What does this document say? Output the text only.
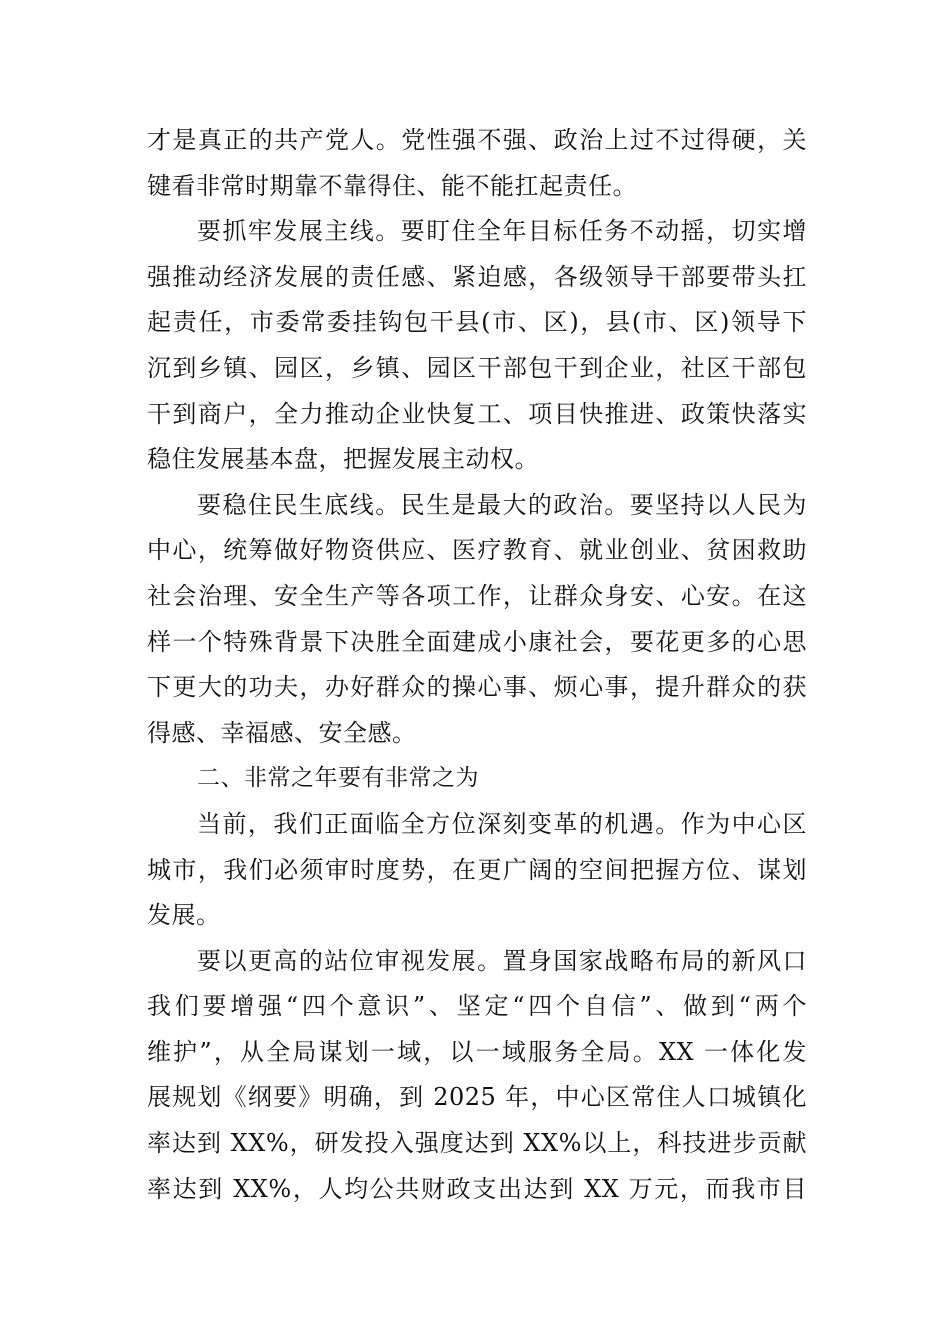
才是真正的共产党人。党性强不强、政治上过不过得硬，关
键看非常时期靠不靠得住、能不能扛起责任。
要抓牢发展主线。要盯住全年目标任务不动摇，切实增
强推动经济发展的责任感、紧迫感，各级领导干部要带头扛
起责任，市委常委挂钩包干县(市、区)，县(市、区)领导下
沉到乡镇、园区，乡镇、园区干部包干到企业，社区干部包
干到商户，全力推动企业快复工、项目快推进、政策快落实
稳住发展基本盘，把握发展主动权。
要稳住民生底线。民生是最大的政治。要坚持以人民为
中心，统筹做好物资供应、医疗教育、就业创业、贫困救助
社会治理、安全生产等各项工作，让群众身安、心安。在这
样一个特殊背景下决胜全面建成小康社会，要花更多的心思
下更大的功夫，办好群众的操心事、烦心事，提升群众的获
得感、幸福感、安全感。
二、非常之年要有非常之为
当前，我们正面临全方位深刻变革的机遇。作为中心区
城市，我们必须审时度势，在更广阔的空间把握方位、谋划
发展。
要以更高的站位审视发展。置身国家战略布局的新风口
我们要增强“四个意识”、坚定“四个自信”、做到“两个
维护”，从全局谋划一域，以一域服务全局。XX 一体化发
展规划《纲要》明确，到 2025 年，中心区常住人口城镇化
率达到 XX%，研发投入强度达到 XX%以上，科技进步贡献
率达到 XX%，人均公共财政支出达到 XX 万元，而我市目
